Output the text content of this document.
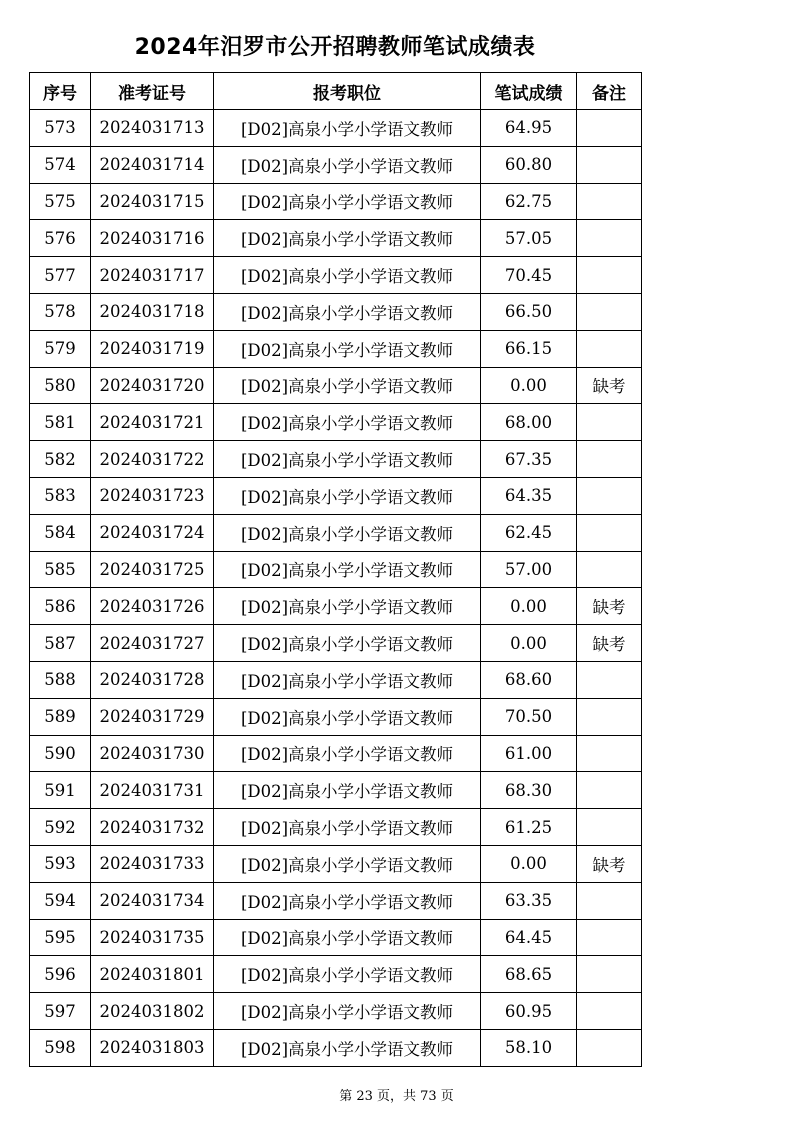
2024年汨罗市公开招聘教师笔试成绩表
序号	准考证号	报考职位	笔试成绩	备注
573	2024031713	[D02]高泉小学小学语文教师	64.95	
574	2024031714	[D02]高泉小学小学语文教师	60.80	
575	2024031715	[D02]高泉小学小学语文教师	62.75	
576	2024031716	[D02]高泉小学小学语文教师	57.05	
577	2024031717	[D02]高泉小学小学语文教师	70.45	
578	2024031718	[D02]高泉小学小学语文教师	66.50	
579	2024031719	[D02]高泉小学小学语文教师	66.15	
580	2024031720	[D02]高泉小学小学语文教师	0.00	缺考
581	2024031721	[D02]高泉小学小学语文教师	68.00	
582	2024031722	[D02]高泉小学小学语文教师	67.35	
583	2024031723	[D02]高泉小学小学语文教师	64.35	
584	2024031724	[D02]高泉小学小学语文教师	62.45	
585	2024031725	[D02]高泉小学小学语文教师	57.00	
586	2024031726	[D02]高泉小学小学语文教师	0.00	缺考
587	2024031727	[D02]高泉小学小学语文教师	0.00	缺考
588	2024031728	[D02]高泉小学小学语文教师	68.60	
589	2024031729	[D02]高泉小学小学语文教师	70.50	
590	2024031730	[D02]高泉小学小学语文教师	61.00	
591	2024031731	[D02]高泉小学小学语文教师	68.30	
592	2024031732	[D02]高泉小学小学语文教师	61.25	
593	2024031733	[D02]高泉小学小学语文教师	0.00	缺考
594	2024031734	[D02]高泉小学小学语文教师	63.35	
595	2024031735	[D02]高泉小学小学语文教师	64.45	
596	2024031801	[D02]高泉小学小学语文教师	68.65	
597	2024031802	[D02]高泉小学小学语文教师	60.95	
598	2024031803	[D02]高泉小学小学语文教师	58.10	
第 23 页，共 73 页
